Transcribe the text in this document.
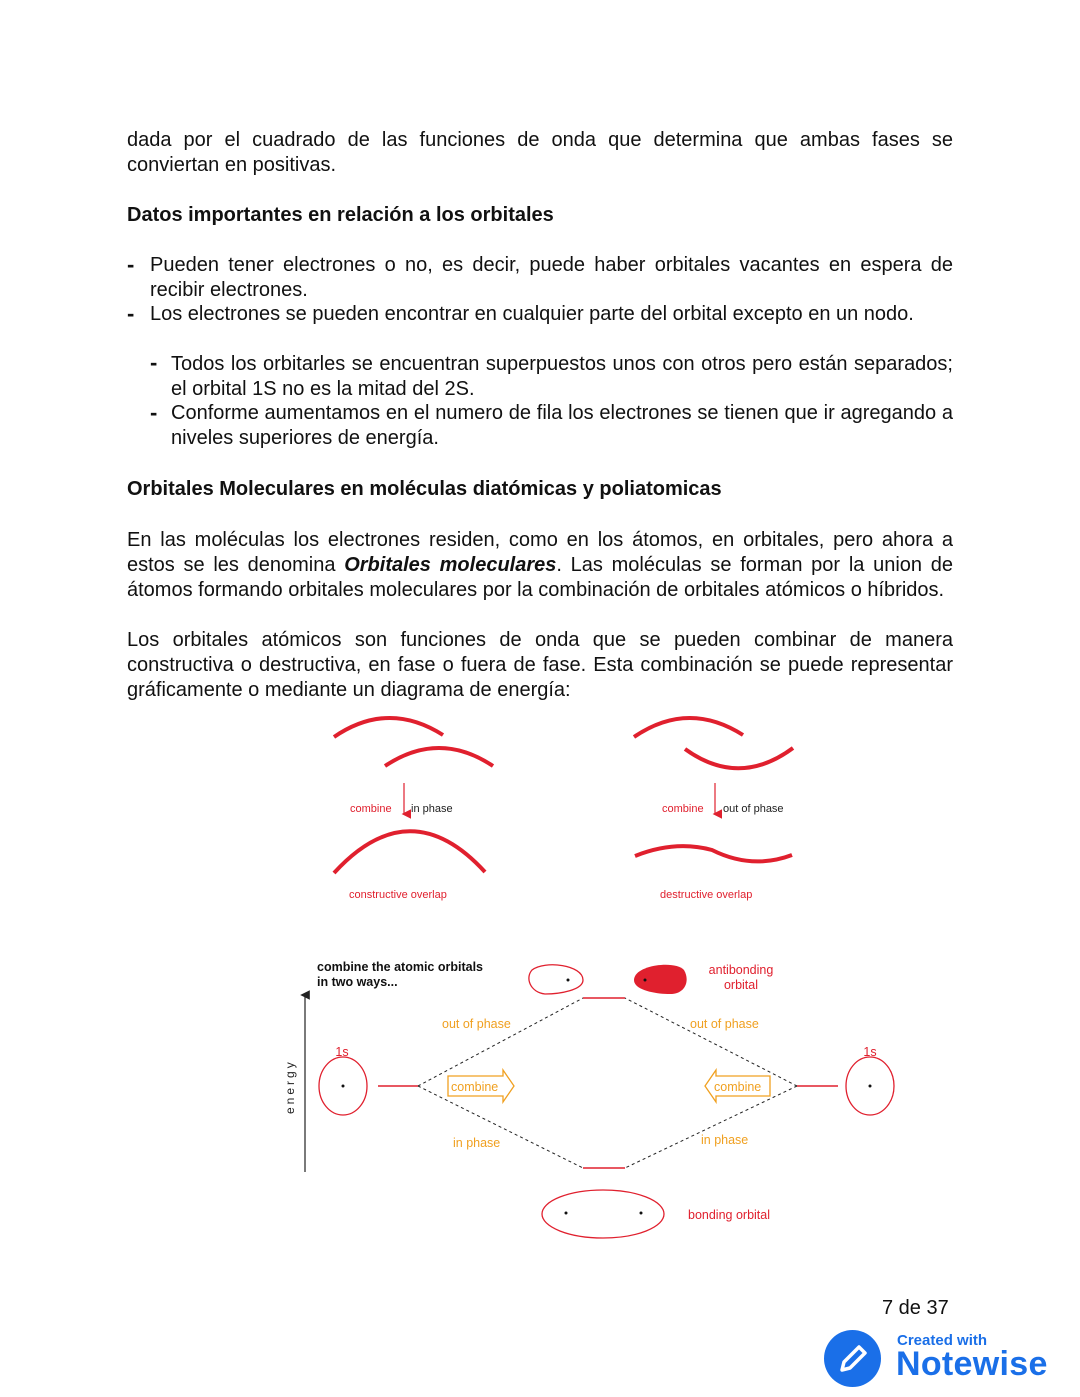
dada por el cuadrado de las funciones de onda que determina que ambas fases se conviertan en positivas.
Datos importantes en relación a los orbitales
- Pueden tener electrones o no, es decir, puede haber orbitales vacantes en espera de recibir electrones.
- Los electrones se pueden encontrar en cualquier parte del orbital excepto en un nodo.
- Todos los orbitarles se encuentran superpuestos unos con otros pero están separados; el orbital 1S no es la mitad del 2S.
- Conforme aumentamos en el numero de fila los electrones se tienen que ir agregando a niveles superiores de energía.
Orbitales Moleculares en moléculas diatómicas y poliatomicas
En las moléculas los electrones residen, como en los átomos, en orbitales, pero ahora a estos se les denomina Orbitales moleculares. Las moléculas se forman por la union de átomos formando orbitales moleculares por la combinación de orbitales atómicos o híbridos.
Los orbitales atómicos son funciones de onda que se pueden combinar de manera constructiva o destructiva, en fase o fuera de fase. Esta combinación se puede representar gráficamente o mediante un diagrama de energía:
combine in phase
constructive overlap
combine out of phase
destructive overlap
combine the atomic orbitals
in two ways...
energy
antibonding
orbital
1s	1s
combine	combine
out of phase	out of phase
in phase	in phase
bonding orbital
7 de 37
Created with
Notewise
